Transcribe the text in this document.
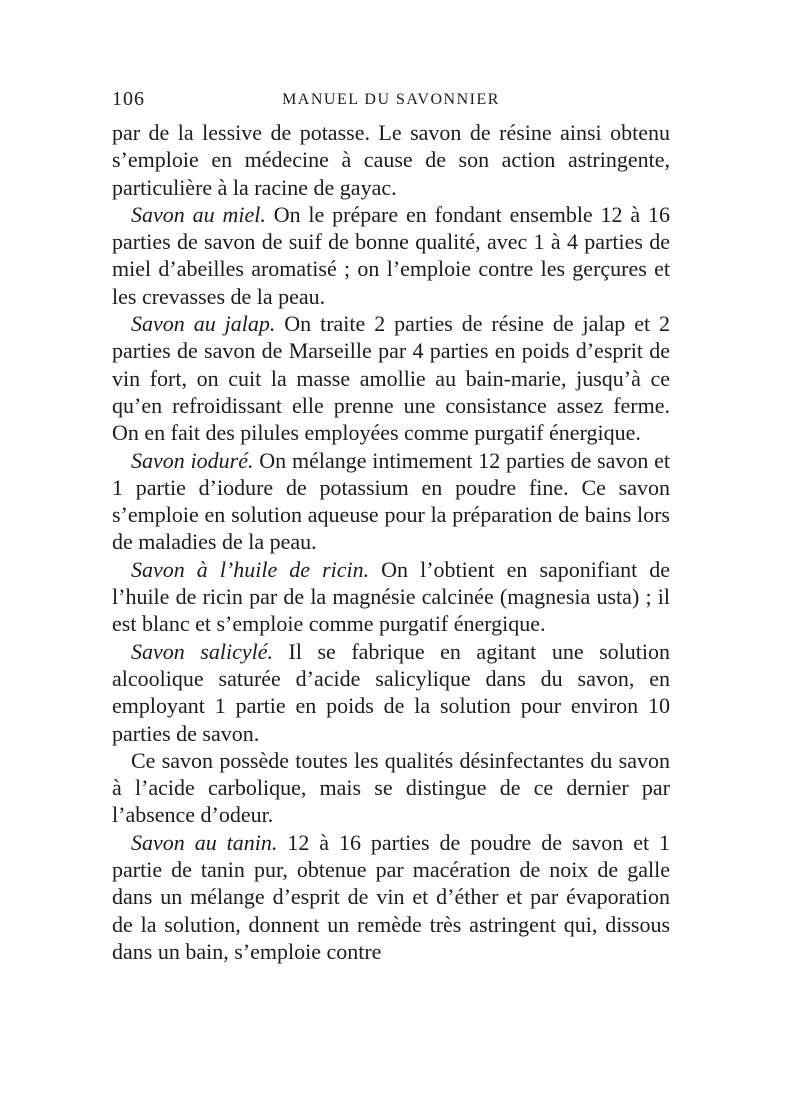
106	MANUEL DU SAVONNIER

par de la lessive de potasse. Le savon de résine ainsi obtenu s’emploie en médecine à cause de son action astringente, particulière à la racine de gayac.

Savon au miel. On le prépare en fondant ensemble 12 à 16 parties de savon de suif de bonne qualité, avec 1 à 4 parties de miel d’abeilles aromatisé ; on l’emploie contre les gerçures et les crevasses de la peau.

Savon au jalap. On traite 2 parties de résine de jalap et 2 parties de savon de Marseille par 4 parties en poids d’esprit de vin fort, on cuit la masse amollie au bain-marie, jusqu’à ce qu’en refroidissant elle prenne une consistance assez ferme. On en fait des pilules employées comme purgatif énergique.

Savon ioduré. On mélange intimement 12 parties de savon et 1 partie d’iodure de potassium en poudre fine. Ce savon s’emploie en solution aqueuse pour la préparation de bains lors de maladies de la peau.

Savon à l’huile de ricin. On l’obtient en saponifiant de l’huile de ricin par de la magnésie calcinée (magnesia usta) ; il est blanc et s’emploie comme purgatif énergique.

Savon salicylé. Il se fabrique en agitant une solution alcoolique saturée d’acide salicylique dans du savon, en employant 1 partie en poids de la solution pour environ 10 parties de savon.

Ce savon possède toutes les qualités désinfectantes du savon à l’acide carbolique, mais se distingue de ce dernier par l’absence d’odeur.

Savon au tanin. 12 à 16 parties de poudre de savon et 1 partie de tanin pur, obtenue par macération de noix de galle dans un mélange d’esprit de vin et d’éther et par évaporation de la solution, donnent un remède très astringent qui, dissous dans un bain, s’emploie contre
